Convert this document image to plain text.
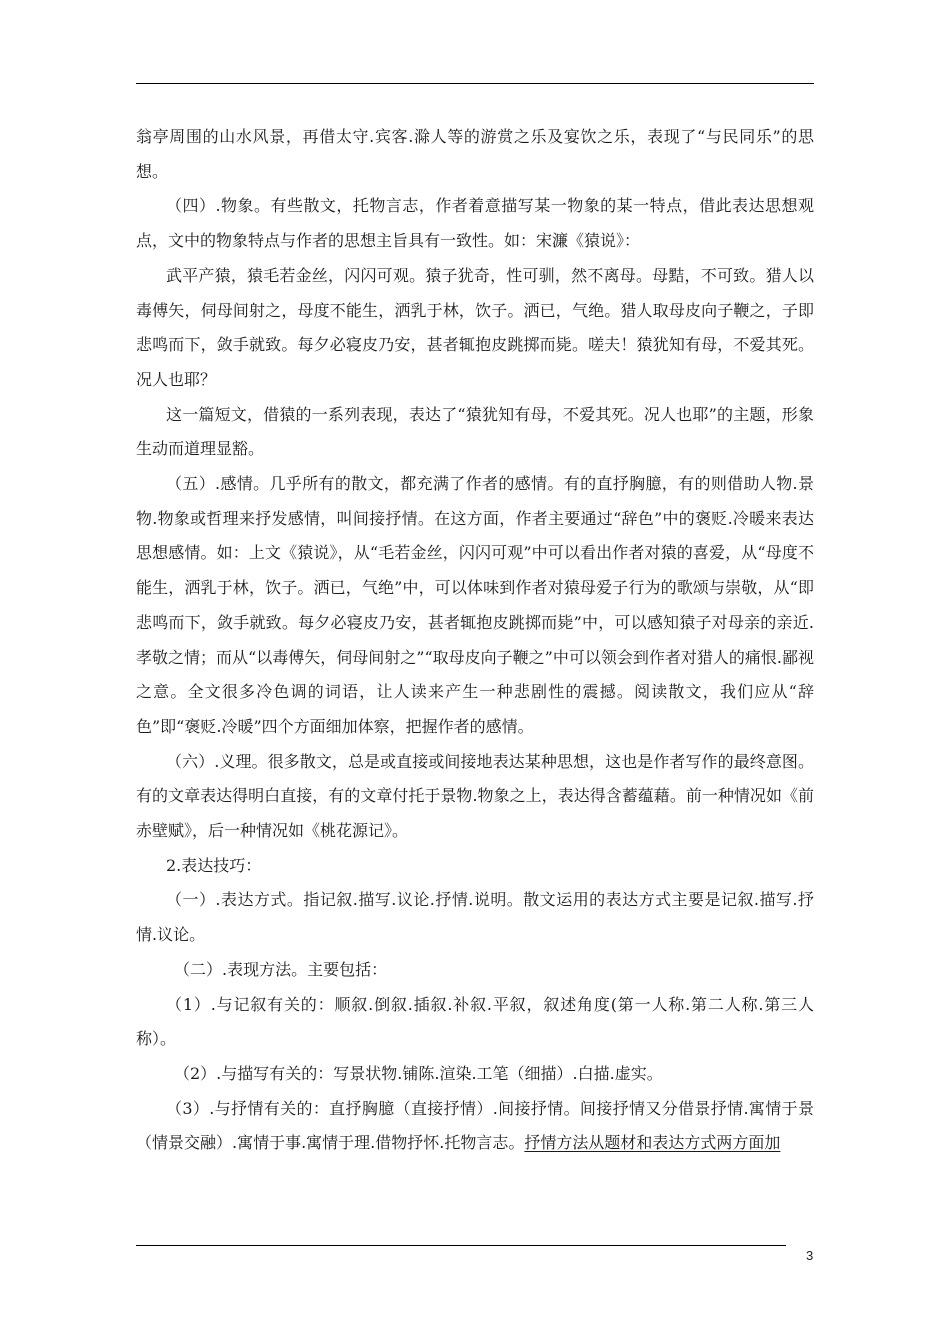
翁亭周围的山水风景，再借太守.宾客.滁人等的游赏之乐及宴饮之乐，表现了“与民同乐”的思想。

（四）.物象。有些散文，托物言志，作者着意描写某一物象的某一特点，借此表达思想观点，文中的物象特点与作者的思想主旨具有一致性。如：宋濂《猿说》：

武平产猿，猿毛若金丝，闪闪可观。猿子犹奇，性可驯，然不离母。母黠，不可致。猎人以毒傅矢，伺母间射之，母度不能生，洒乳于林，饮子。洒已，气绝。猎人取母皮向子鞭之，子即悲鸣而下，敛手就致。每夕必寝皮乃安，甚者辄抱皮跳掷而毙。嗟夫！猿犹知有母，不爱其死。况人也耶？

这一篇短文，借猿的一系列表现，表达了“猿犹知有母，不爱其死。况人也耶”的主题，形象生动而道理显豁。

（五）.感情。几乎所有的散文，都充满了作者的感情。有的直抒胸臆，有的则借助人物.景物.物象或哲理来抒发感情，叫间接抒情。在这方面，作者主要通过“辞色”中的褒贬.冷暖来表达思想感情。如：上文《猿说》，从“毛若金丝，闪闪可观”中可以看出作者对猿的喜爱，从“母度不能生，洒乳于林，饮子。洒已，气绝”中，可以体味到作者对猿母爱子行为的歌颂与崇敬，从“即悲鸣而下，敛手就致。每夕必寝皮乃安，甚者辄抱皮跳掷而毙”中，可以感知猿子对母亲的亲近.孝敬之情；而从“以毒傅矢，伺母间射之”“取母皮向子鞭之”中可以领会到作者对猎人的痛恨.鄙视之意。全文很多冷色调的词语，让人读来产生一种悲剧性的震撼。阅读散文，我们应从“辞色”即“褒贬.冷暖”四个方面细加体察，把握作者的感情。

（六）.义理。很多散文，总是或直接或间接地表达某种思想，这也是作者写作的最终意图。有的文章表达得明白直接，有的文章付托于景物.物象之上，表达得含蓄蕴藉。前一种情况如《前赤壁赋》，后一种情况如《桃花源记》。

2.表达技巧：

（一）.表达方式。指记叙.描写.议论.抒情.说明。散文运用的表达方式主要是记叙.描写.抒情.议论。

（二）.表现方法。主要包括：

（1）.与记叙有关的：顺叙.倒叙.插叙.补叙.平叙，叙述角度(第一人称.第二人称.第三人称）。

（2）.与描写有关的：写景状物.铺陈.渲染.工笔（细描）.白描.虚实。

（3）.与抒情有关的：直抒胸臆（直接抒情）.间接抒情。间接抒情又分借景抒情.寓情于景（情景交融）.寓情于事.寓情于理.借物抒怀.托物言志。抒情方法从题材和表达方式两方面加

3
